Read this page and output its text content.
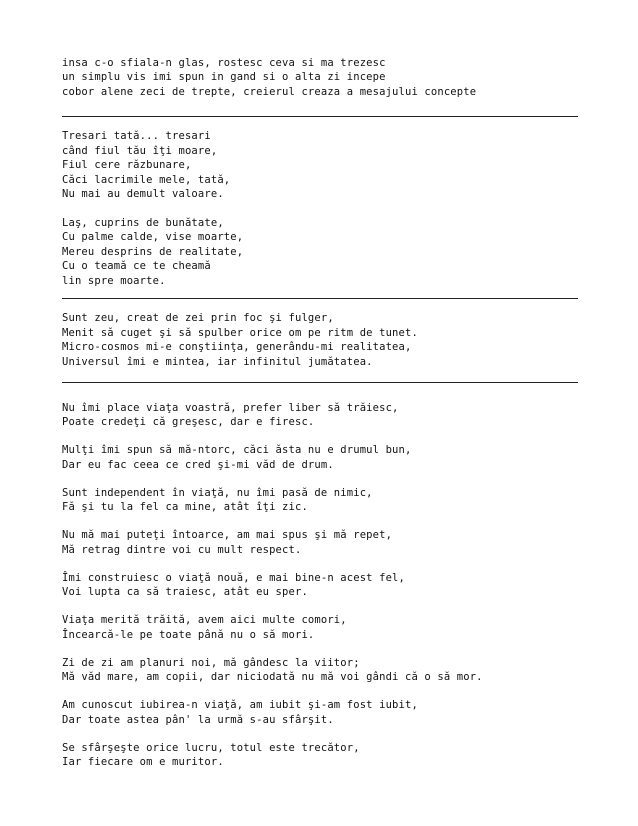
insa c-o sfiala-n glas, rostesc ceva si ma trezesc
un simplu vis imi spun in gand si o alta zi incepe
cobor alene zeci de trepte, creierul creaza a mesajului concepte
Tresari tată... tresari
când fiul tău îţi moare,
Fiul cere răzbunare,
Căci lacrimile mele, tată,
Nu mai au demult valoare.
Laş, cuprins de bunătate,
Cu palme calde, vise moarte,
Mereu desprins de realitate,
Cu o teamă ce te cheamă
lin spre moarte.
Sunt zeu, creat de zei prin foc şi fulger,
Menit să cuget şi să spulber orice om pe ritm de tunet.
Micro-cosmos mi-e conştiinţa, generându-mi realitatea,
Universul îmi e mintea, iar infinitul jumătatea.
Nu îmi place viaţa voastră, prefer liber să trăiesc,
Poate credeţi că greşesc, dar e firesc.
Mulţi îmi spun să mă-ntorc, căci ăsta nu e drumul bun,
Dar eu fac ceea ce cred şi-mi văd de drum.
Sunt independent în viaţă, nu îmi pasă de nimic,
Fă şi tu la fel ca mine, atât îţi zic.
Nu mă mai puteţi întoarce, am mai spus şi mă repet,
Mă retrag dintre voi cu mult respect.
Îmi construiesc o viaţă nouă, e mai bine-n acest fel,
Voi lupta ca să traiesc, atât eu sper.
Viaţa merită trăită, avem aici multe comori,
Încearcă-le pe toate până nu o să mori.
Zi de zi am planuri noi, mă gândesc la viitor;
Mă văd mare, am copii, dar niciodată nu mă voi gândi că o să mor.
Am cunoscut iubirea-n viaţă, am iubit şi-am fost iubit,
Dar toate astea pân' la urmă s-au sfârşit.
Se sfârşeşte orice lucru, totul este trecător,
Iar fiecare om e muritor.
